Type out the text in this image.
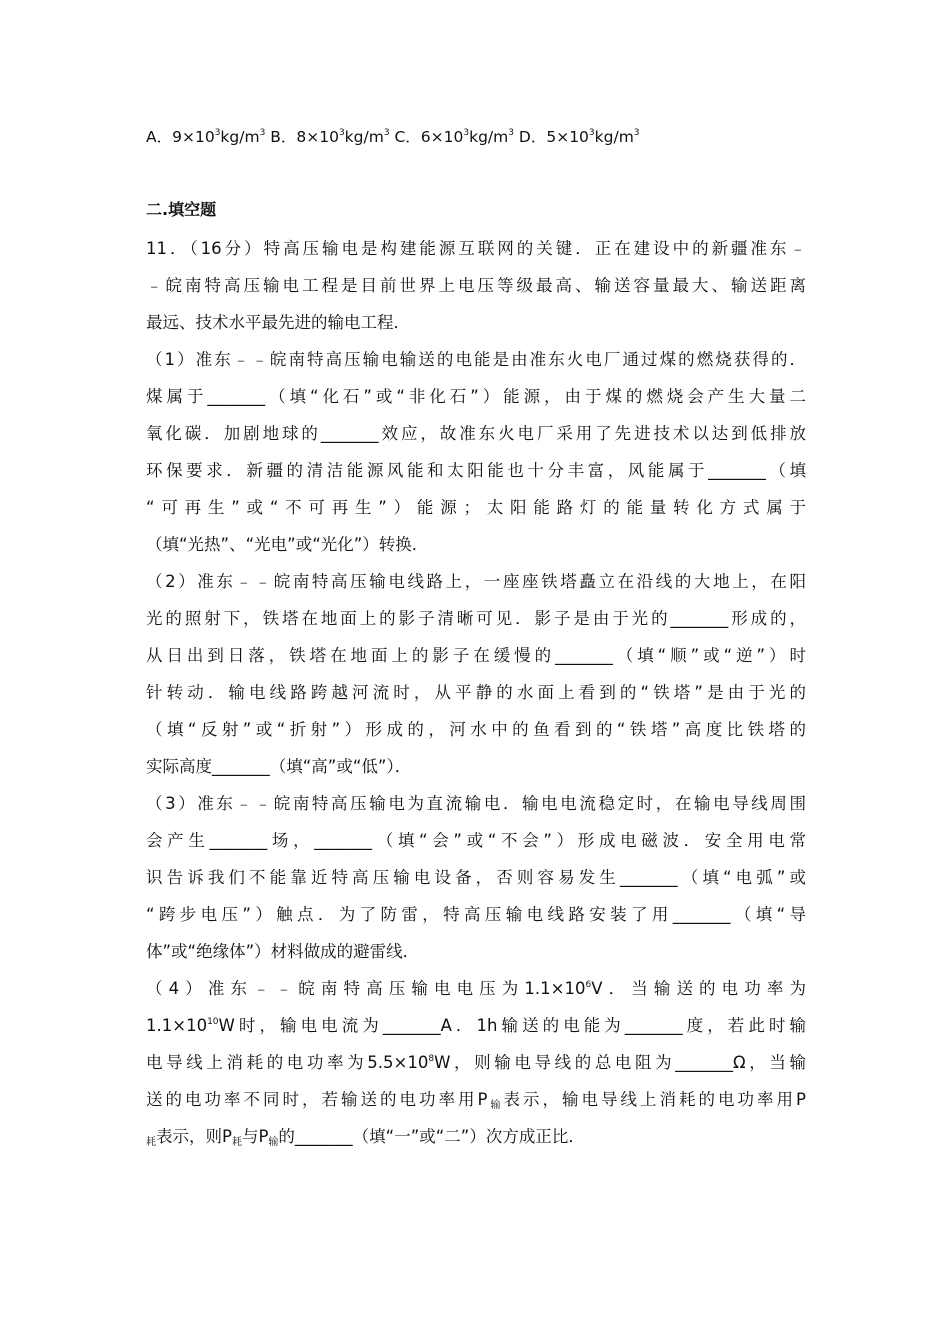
A．$9\times 10^3kg/m^3$ B．$8\times 10^3kg/m^3$ C．$6\times 10^3kg/m^3$ D．$5\times 10^3kg/m^3$
二.填空题
11．（16分）特高压输电是构建能源互联网的关键．正在建设中的新疆准东﹣
﹣皖南特高压输电工程是目前世界上电压等级最高、输送容量最大、输送距离
最远、技术水平最先进的输电工程．
（1）准东﹣﹣皖南特高压输电输送的电能是由准东火电厂通过煤的燃烧获得的．
煤属于_______（填“化石”或“非化石”）能源，由于煤的燃烧会产生大量二
氧化碳．加剧地球的_______效应，故准东火电厂采用了先进技术以达到低排放
环保要求．新疆的清洁能源风能和太阳能也十分丰富，风能属于_______（填
“可再生”或“不可再生”）能源；太阳能路灯的能量转化方式属于
（填“光热”、“光电”或“光化”）转换．
（2）准东﹣﹣皖南特高压输电线路上，一座座铁塔矗立在沿线的大地上，在阳
光的照射下，铁塔在地面上的影子清晰可见．影子是由于光的_______形成的，
从日出到日落，铁塔在地面上的影子在缓慢的_______（填“顺”或“逆”）时
针转动．输电线路跨越河流时，从平静的水面上看到的“铁塔”是由于光的
（填“反射”或“折射”）形成的，河水中的鱼看到的“铁塔”高度比铁塔的
实际高度_______（填“高”或“低”）．
（3）准东﹣﹣皖南特高压输电为直流输电．输电电流稳定时，在输电导线周围
会产生_______场，_______（填“会”或“不会”）形成电磁波．安全用电常
识告诉我们不能靠近特高压输电设备，否则容易发生_______（填“电弧”或
“跨步电压”）触点．为了防雷，特高压输电线路安装了用_______（填“导
体”或“绝缘体”）材料做成的避雷线．
（4）准东﹣﹣皖南特高压输电电压为$1.1\times 10^6V$．当输送的电功率为
$1.1\times 10^{10}W$时，输电电流为_______A．1h输送的电能为_______度，若此时输
电导线上消耗的电功率为$5.5\times 10^8W$，则输电导线的总电阻为_______Ω，当输
送的电功率不同时，若输送的电功率用$P_输$表示，输电导线上消耗的电功率用P
$_耗$表示，则$P_耗$与$P_输$的_______（填“一”或“二”）次方成正比．
